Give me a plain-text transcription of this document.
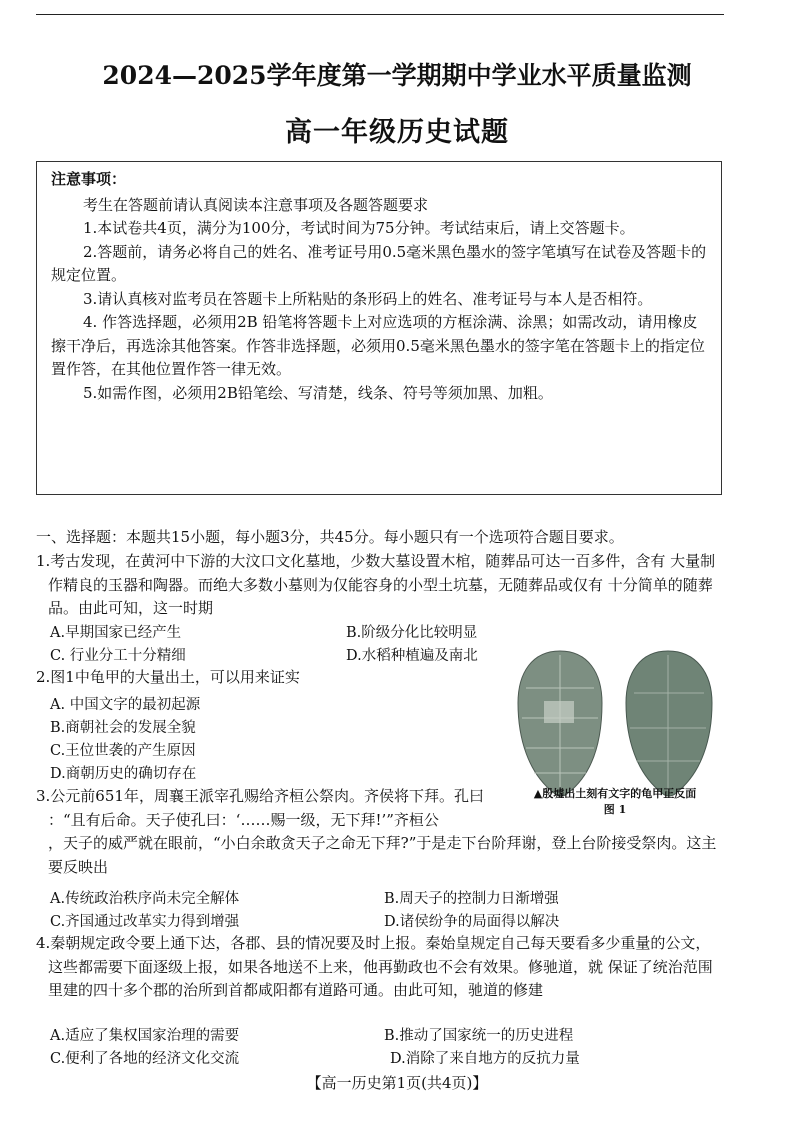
2024—2025学年度第一学期期中学业水平质量监测
高一年级历史试题
注意事项：

考生在答题前请认真阅读本注意事项及各题答题要求

1.本试卷共4页，满分为100分，考试时间为75分钟。考试结束后，请上交答题卡。

2.答题前，请务必将自己的姓名、准考证号用0.5毫米黑色墨水的签字笔填写在试卷及答题卡的规定位置。

3.请认真核对监考员在答题卡上所粘贴的条形码上的姓名、准考证号与本人是否相符。

4. 作答选择题，必须用2B 铅笔将答题卡上对应选项的方框涂满、涂黑；如需改动，请用橡皮擦干净后，再选涂其他答案。作答非选择题，必须用0.5毫米黑色墨水的签字笔在答题卡上的指定位置作答，在其他位置作答一律无效。

5.如需作图，必须用2B铅笔绘、写清楚，线条、符号等须加黑、加粗。

一、选择题：本题共15小题，每小题3分，共45分。每小题只有一个选项符合题目要求。
1.考古发现，在黄河中下游的大汶口文化墓地，少数大墓设置木棺，随葬品可达一百多件，含有 大量制作精良的玉器和陶器。而绝大多数小墓则为仅能容身的小型土坑墓，无随葬品或仅有 十分简单的随葬品。由此可知，这一时期
A.早期国家已经产生	B.阶级分化比较明显
C. 行业分工十分精细	D.水稻种植遍及南北
2.图1中龟甲的大量出土，可以用来证实
A. 中国文字的最初起源
B.商朝社会的发展全貌
C.王位世袭的产生原因
D.商朝历史的确切存在
▲殷墟出土刻有文字的龟甲正反面
图 1
3.公元前651年，周襄王派宰孔赐给齐桓公祭肉。齐侯将下拜。孔曰
：“且有后命。天子使孔曰：‘……赐一级，无下拜!’”齐桓公
，天子的威严就在眼前，“小白余敢贪天子之命无下拜?”于是走下台阶拜谢，登上台阶接受祭肉。这主要反映出
A.传统政治秩序尚未完全解体	B.周天子的控制力日渐增强
C.齐国通过改革实力得到增强	D.诸侯纷争的局面得以解决
4.秦朝规定政令要上通下达，各郡、县的情况要及时上报。秦始皇规定自己每天要看多少重量的公文，这些都需要下面逐级上报，如果各地送不上来，他再勤政也不会有效果。修驰道，就 保证了统治范围里建的四十多个郡的治所到首都咸阳都有道路可通。由此可知，驰道的修建
A.适应了集权国家治理的需要	B.推动了国家统一的历史进程
C.便利了各地的经济文化交流	D.消除了来自地方的反抗力量
【高一历史第1页(共4页)】
